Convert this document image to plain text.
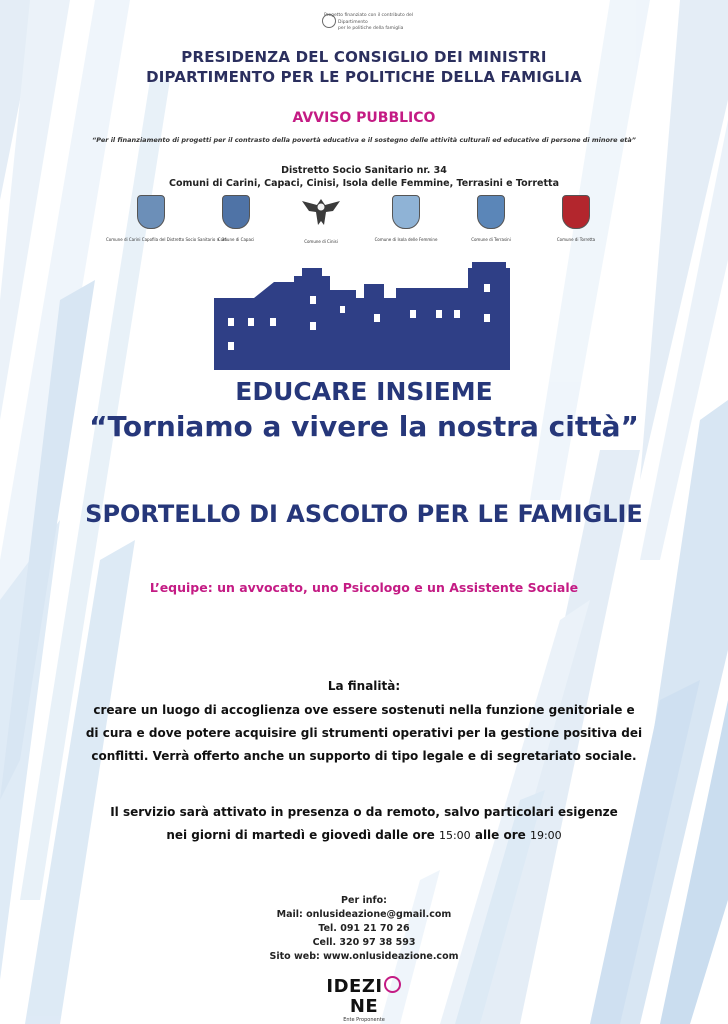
Progetto finanziato con il contributo del
Dipartimento
per le politiche della famiglia
PRESIDENZA DEL CONSIGLIO DEI MINISTRI
DIPARTIMENTO PER LE POLITICHE DELLA FAMIGLIA
AVVISO PUBBLICO
“Per il finanziamento di progetti per il contrasto della povertà educativa e il sostegno delle attività culturali ed educative di persone di minore età”
Distretto Socio Sanitario nr. 34
Comuni di Carini, Capaci, Cinisi, Isola delle Femmine, Terrasini e Torretta
Comune di Carini Capofila del Distretto Socio Sanitario n. 34
Comune di Capaci	Comune di Cinisi	Comune di Isola delle Femmine	Comune di Terrasini	Comune di Torretta
EDUCARE INSIEME
“Torniamo a vivere la nostra città”
SPORTELLO DI ASCOLTO PER LE FAMIGLIE
L’equipe: un avvocato, uno Psicologo e un Assistente Sociale
La finalità:
creare un luogo di accoglienza ove essere sostenuti nella funzione genitoriale e
di cura e dove potere acquisire gli strumenti operativi per la gestione positiva dei
conflitti. Verrà offerto anche un supporto di tipo legale e di segretariato sociale.
Il servizio sarà attivato in presenza o da remoto, salvo particolari esigenze
nei giorni di martedì e giovedì dalle ore 15:00 alle ore 19:00
Per info:
Mail: onlusideazione@gmail.com
Tel. 091 21 70 26
Cell. 320 97 38 593
Sito web: www.onlusideazione.com
IDEZINE
Ente Proponente
